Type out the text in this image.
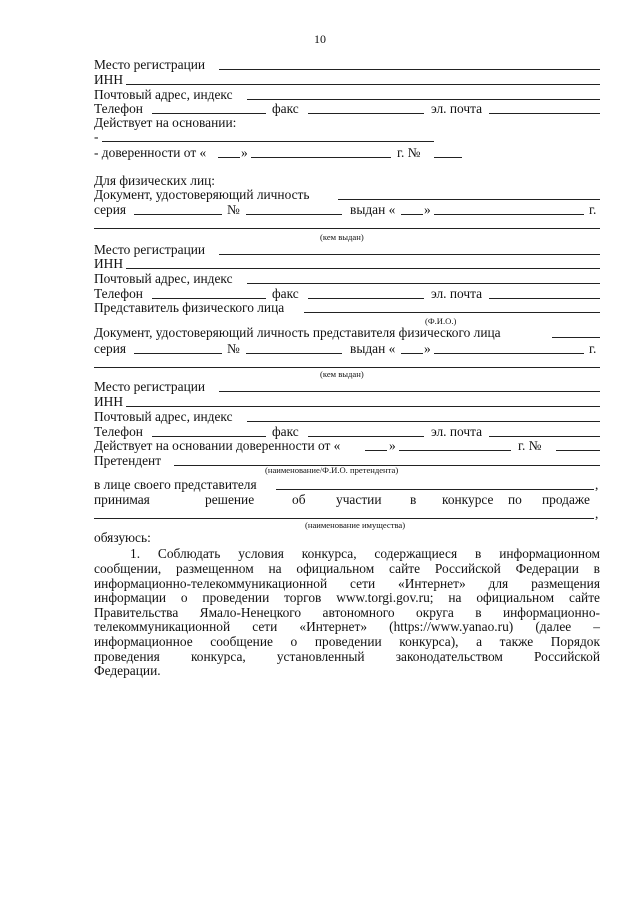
10
Место регистрации
ИНН
Почтовый адрес, индекс
Телефон	факс	эл. почта
Действует на основании:
-
- доверенности от «	»	г. №
Для физических лиц:
Документ, удостоверяющий личность
серия	№	выдан « »	г.
(кем выдан)
Место регистрации
ИНН
Почтовый адрес, индекс
Телефон	факс	эл. почта
Представитель физического лица
(Ф.И.О.)
Документ, удостоверяющий личность представителя физического лица
серия	№	выдан « »	г.
(кем выдан)
Место регистрации
ИНН
Почтовый адрес, индекс
Телефон	факс	эл. почта
Действует на основании доверенности от «	»	г. №
Претендент
(наименование/Ф.И.О. претендента)
в лице своего представителя	,
принимая	решение	об участии в конкурсе по продаже
,
(наименование имущества)
обязуюсь:

1. Соблюдать условия конкурса, содержащиеся в информационном

сообщении, размещенном на официальном сайте Российской Федерации в

информационно-телекоммуникационной сети «Интернет» для размещения

информации о проведении торгов www.torgi.gov.ru; на официальном сайте

Правительства Ямало-Ненецкого автономного округа в информационно-

телекоммуникационной сети «Интернет» (https://www.yanao.ru) (далее –

информационное сообщение о проведении конкурса), а также Порядок

проведения конкурса, установленный законодательством Российской

Федерации.
